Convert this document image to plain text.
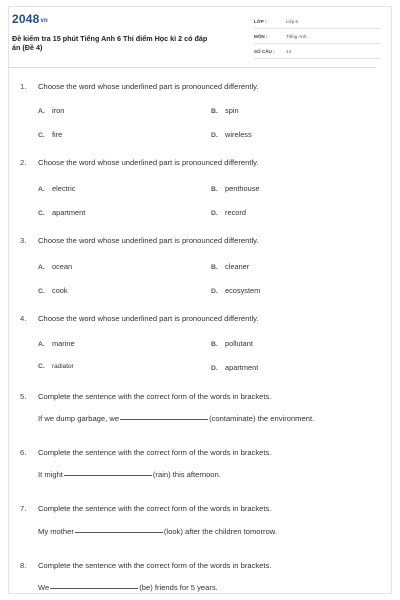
2048vn
Đề kiểm tra 15 phút Tiếng Anh 6 Thí điểm Học kì 2 có đáp án (Đề 4)
LỚP :	Lớp 6
MÔN :	Tiếng Anh
SỐ CÂU :	14
1.	Choose the word whose underlined part is pronounced differently.
A. iron	B. spin
C. fire	D. wireless
2.	Choose the word whose underlined part is pronounced differently.
A. electric	B. penthouse
C. apartment	D. record
3.	Choose the word whose underlined part is pronounced differently.
A. ocean	B. cleaner
C. cook	D. ecosystem
4.	Choose the word whose underlined part is pronounced differently.
A. marine	B. pollutant
C.	radiator	D. apartment
5.	Complete the sentence with the correct form of the words in brackets.
If we dump garbage, we	(contaminate) the environment.
6.	Complete the sentence with the correct form of the words in brackets.
It might	(rain) this afternoon.
7.	Complete the sentence with the correct form of the words in brackets.
My mother	(look) after the children tomorrow.
8.	Complete the sentence with the correct form of the words in brackets.
We	(be) friends for 5 years.
